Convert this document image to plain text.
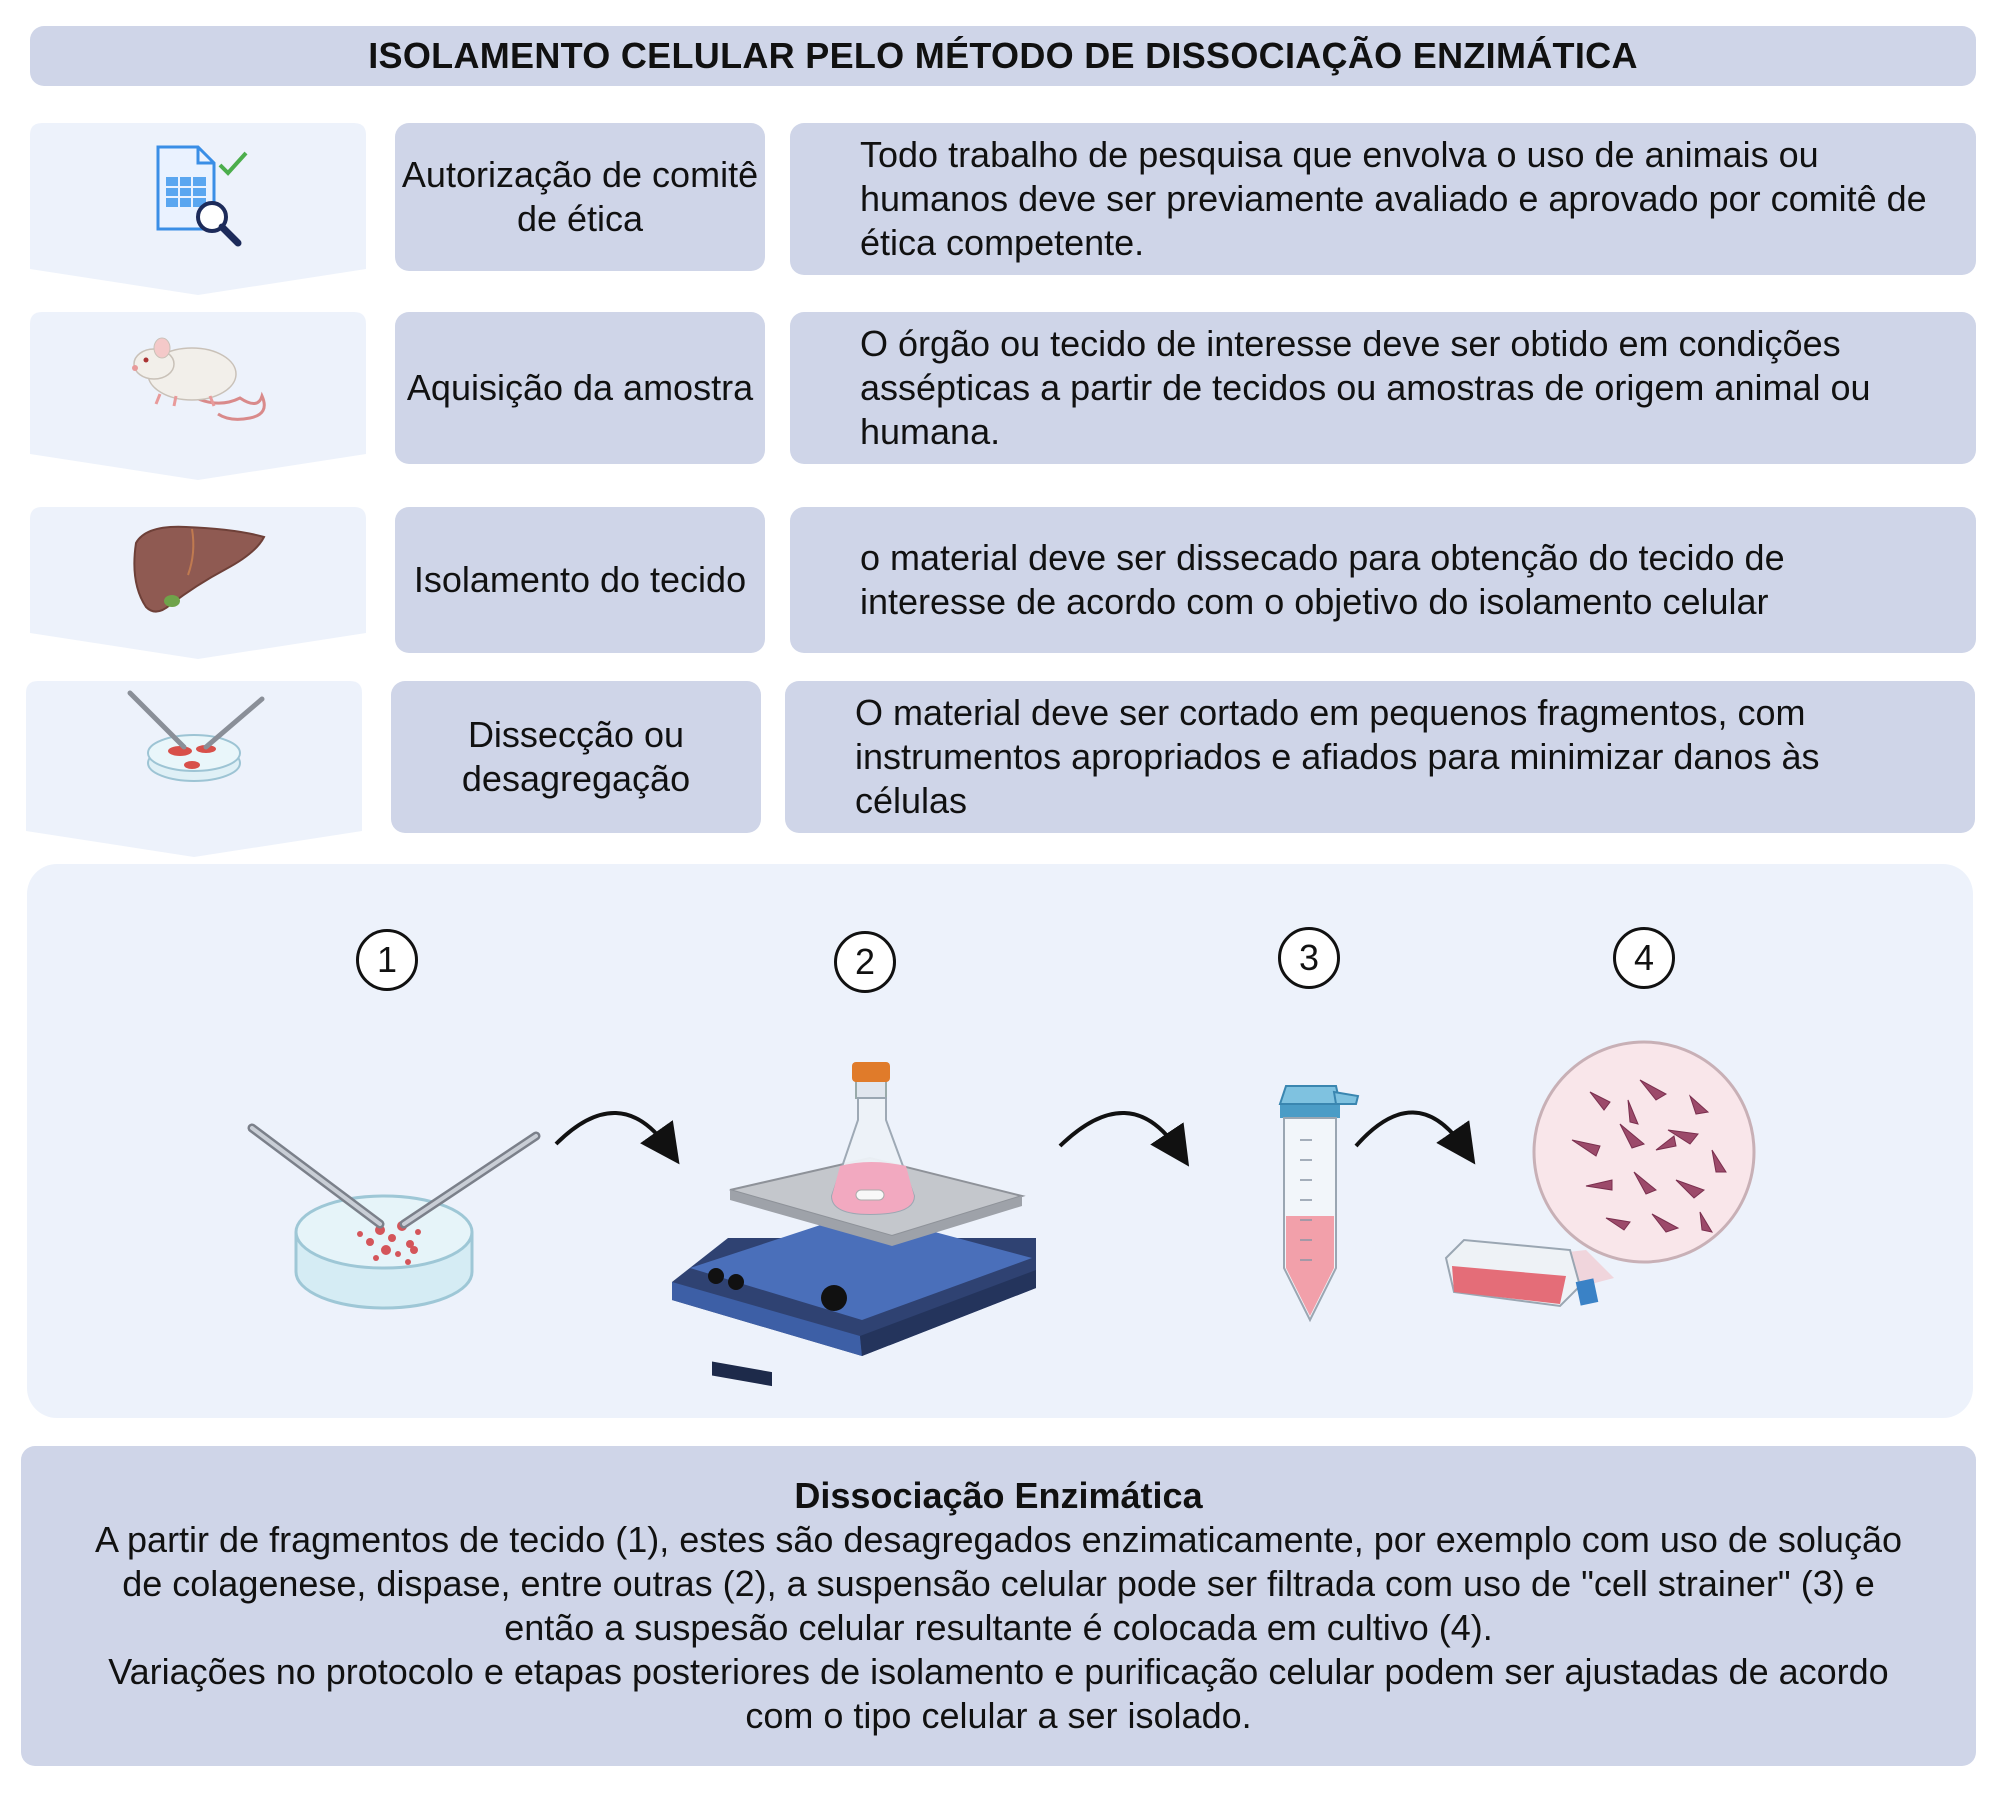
ISOLAMENTO CELULAR PELO MÉTODO DE DISSOCIAÇÃO ENZIMÁTICA
Autorização de comitê de ética
Todo trabalho de pesquisa que envolva o uso de animais ou humanos deve ser previamente avaliado e aprovado por comitê de ética competente.
Aquisição da amostra
O órgão ou tecido de interesse deve ser obtido em condições assépticas a partir de tecidos ou amostras de origem animal ou humana.
Isolamento do tecido
o material deve ser dissecado para obtenção do tecido de interesse de acordo com o objetivo do isolamento celular
Dissecção ou desagregação
O material deve ser cortado em pequenos fragmentos, com instrumentos apropriados e afiados para minimizar danos às células
1	2	3	4

Dissociação Enzimática

A partir de fragmentos de tecido (1), estes são desagregados enzimaticamente, por exemplo com uso de solução de colagenese, dispase, entre outras (2), a suspensão celular pode ser filtrada com uso de "cell strainer" (3) e então a suspesão celular resultante é colocada em cultivo (4).

Variações no protocolo e etapas posteriores de isolamento e purificação celular podem ser ajustadas de acordo com o tipo celular a ser isolado.
